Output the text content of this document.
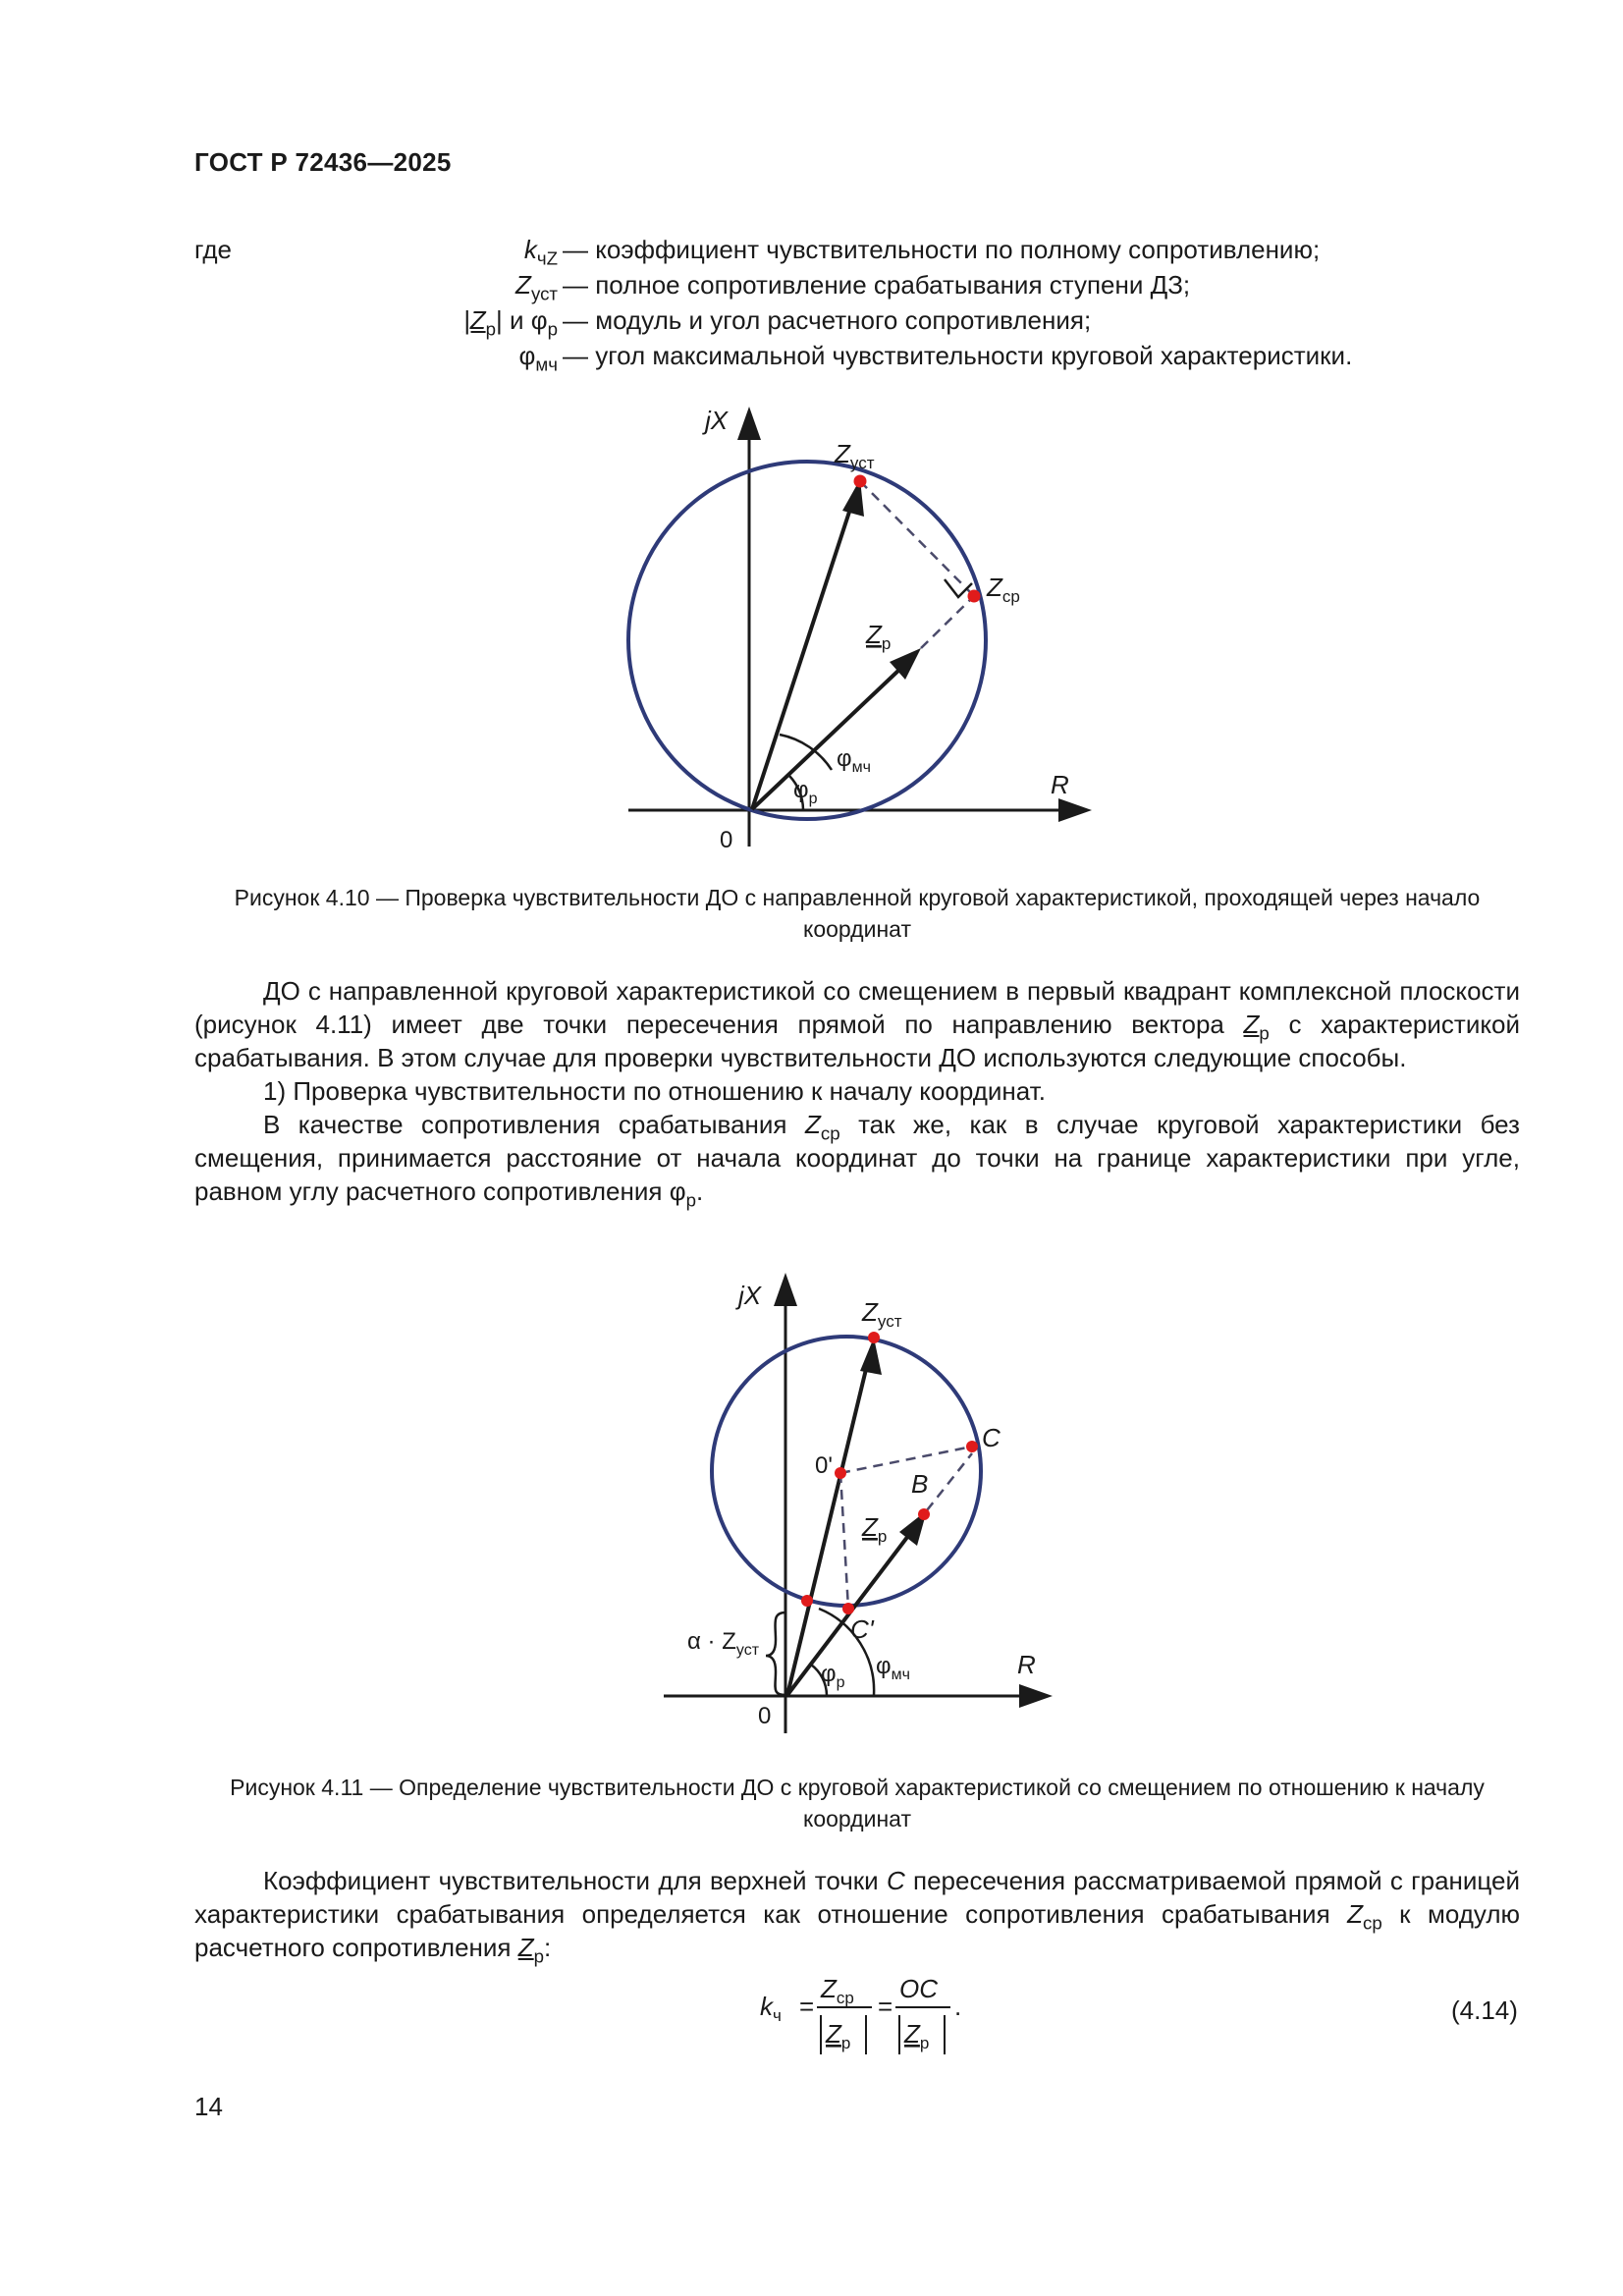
ГОСТ Р 72436—2025
где	$k_{чZ}$ — коэффициент чувствительности по полному сопротивлению;
$Z_{уст}$ — полное сопротивление срабатывания ступени ДЗ;
$|Z_р|$ и $\varphi_р$ — модуль и угол расчетного сопротивления;
$\varphi_{мч}$ — угол максимальной чувствительности круговой характеристики.
jX
R
0
$Z_{уст}$
$Z_{ср}$
$Z_р$
$\varphi_{мч}$
$\varphi_р$
Рисунок 4.10 — Проверка чувствительности ДО с направленной круговой характеристикой, проходящей через начало координат

ДО с направленной круговой характеристикой со смещением в первый квадрант комплексной плоскости (рисунок 4.11) имеет две точки пересечения прямой по направлению вектора $Z_р$ с характеристикой срабатывания. В этом случае для проверки чувствительности ДО используются следующие способы.

1) Проверка чувствительности по отношению к началу координат.

В качестве сопротивления срабатывания $Z_{ср}$ так же, как в случае круговой характеристики без смещения, принимается расстояние от начала координат до точки на границе характеристики при угле, равном углу расчетного сопротивления $\varphi_р$.

jX
R
0
$Z_{уст}$
C
B
0'
C'
$Z_р$
$\alpha \cdot Z_{уст}$
$\varphi_р$
$\varphi_{мч}$
Рисунок 4.11 — Определение чувствительности ДО с круговой характеристикой со смещением по отношению к началу координат

Коэффициент чувствительности для верхней точки C пересечения рассматриваемой прямой с границей характеристики срабатывания определяется как отношение сопротивления срабатывания $Z_{ср}$ к модулю расчетного сопротивления $Z_р$:

$k_ч$ =
$Z_{ср}$
$Z_р$
=
OC
$Z_р$
.	(4.14)
14
